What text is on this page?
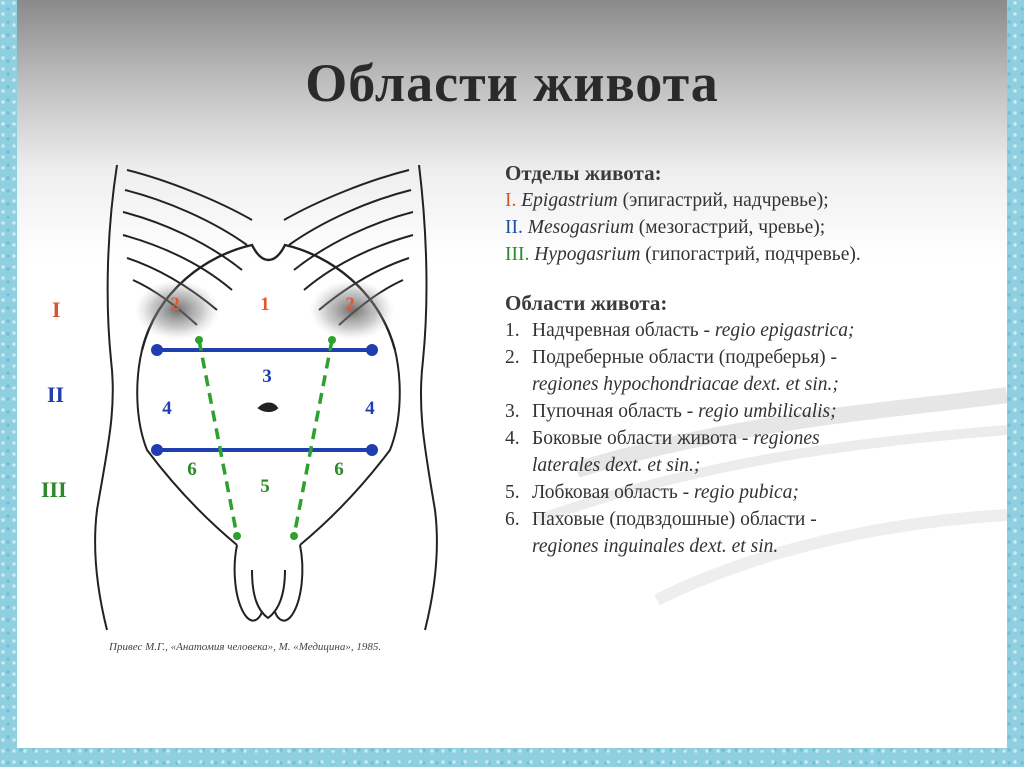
Области живота
1
2	2
3
4	4
5
6	6
I
II
III
Привес М.Г., «Анатомия человека», М. «Медицина», 1985.
Отделы живота:
I. Epigastrium (эпигастрий, надчревье);
II. Mesogasrium (мезогастрий, чревье);
III. Hypogasrium (гипогастрий, подчревье).
Области живота:
1. Надчревная область - regio epigastrica;
2. Подреберные области (подреберья) -
regiones hypochondriacae dext. et sin.;
3. Пупочная область - regio umbilicalis;
4. Боковые области живота - regiones
laterales dext. et sin.;
5. Лобковая область - regio pubica;
6. Паховые (подвздошные) области -
regiones inguinales dext. et sin.
